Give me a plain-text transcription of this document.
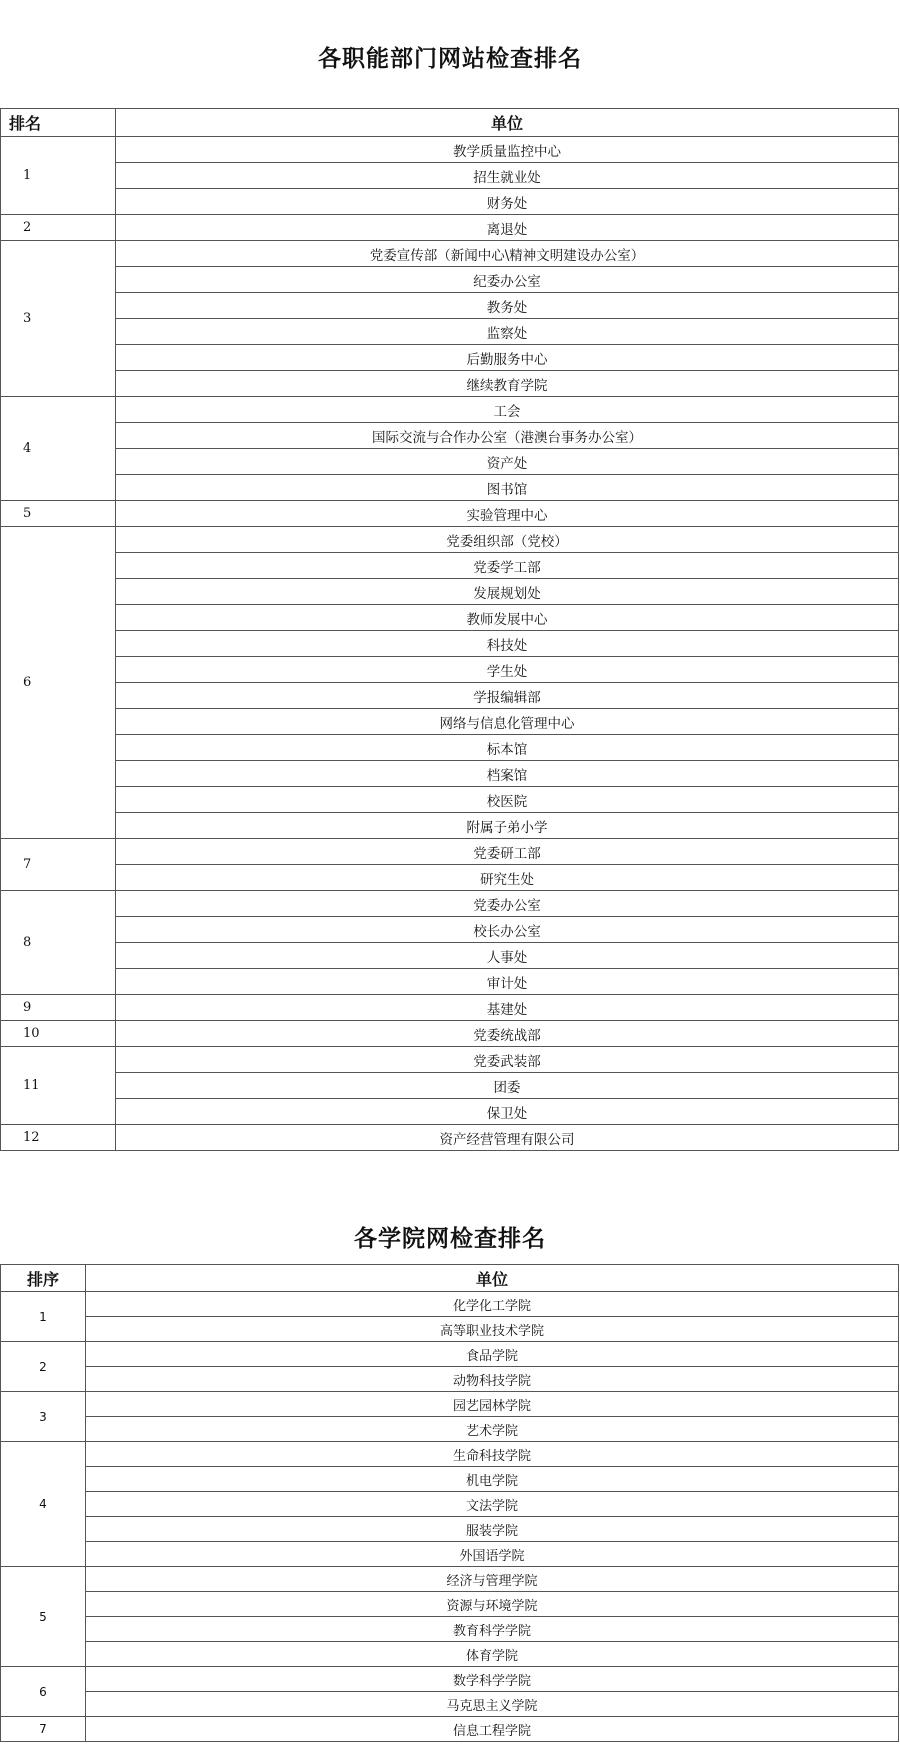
各职能部门网站检查排名
排名	单位
1	教学质量监控中心
	招生就业处
	财务处
2	离退处
3	党委宣传部（新闻中心\精神文明建设办公室）
	纪委办公室
	教务处
	监察处
	后勤服务中心
	继续教育学院
4	工会
	国际交流与合作办公室（港澳台事务办公室）
	资产处
	图书馆
5	实验管理中心
6	党委组织部（党校）
	党委学工部
	发展规划处
	教师发展中心
	科技处
	学生处
	学报编辑部
	网络与信息化管理中心
	标本馆
	档案馆
	校医院
	附属子弟小学
7	党委研工部
	研究生处
8	党委办公室
	校长办公室
	人事处
	审计处
9	基建处
10	党委统战部
11	党委武装部
	团委
	保卫处
12	资产经营管理有限公司
各学院网检查排名
排序	单位
1	化学化工学院
	高等职业技术学院
2	食品学院
	动物科技学院
3	园艺园林学院
	艺术学院
4	生命科技学院
	机电学院
	文法学院
	服装学院
	外国语学院
5	经济与管理学院
	资源与环境学院
	教育科学学院
	体育学院
6	数学科学学院
	马克思主义学院
7	信息工程学院
